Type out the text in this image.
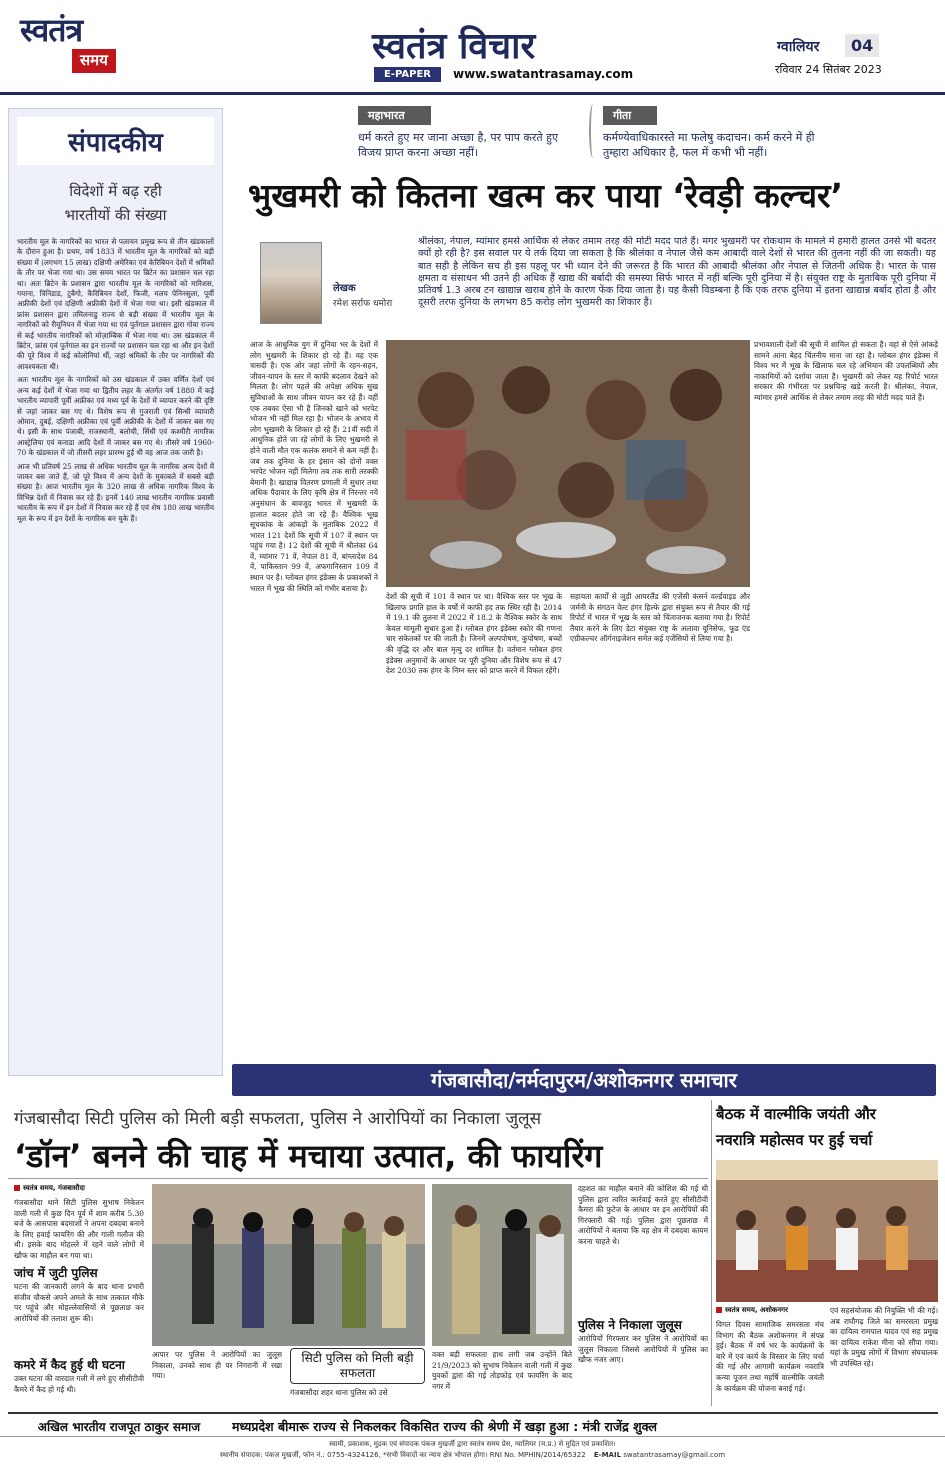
स्वतंत्र
समय	स्वतंत्र विचार
E-PAPER	www.swatantrasamay.com
ग्वालियर	04
रविवार 24 सितंबर 2023
संपादकीय
विदेशों में बढ़ रही
भारतीयों की संख्या

भारतीय मूल के नागरिकों का भारत से पलायन प्रमुख रूप से तीन खंडकालों के दौरान हुआ है। प्रथम, वर्ष 1833 में भारतीय मूल के नागरिकों को बड़ी संख्या में (लगभग 15 लाख) दक्षिणी अमेरिका एवं केरिबियन देशों में श्रमिकों के तौर पर भेजा गया था। उस समय भारत पर ब्रिटेन का प्रशासन चल रहा था। अतः ब्रिटेन के प्रशासन द्वारा भारतीय मूल के नागरिकों को मारिशस, गयाना, त्रिनिडाड, टुबैगो, कैरिबियन देशों, फिजी, मलय पेनिनसुला, पूर्वी अफ्रीकी देशों एवं दक्षिणी अफ्रीकी देशों में भेजा गया था। इसी खंडकाल में फ्रांस प्रशासन द्वारा तमिलनाडु राज्य से बड़ी संख्या में भारतीय मूल के नागरिकों को रीयूनियन में भेजा गया था एवं पुर्तगाल प्रशासन द्वारा गोवा राज्य से कई भारतीय नागरिकों को मोज़ाम्बिक में भेजा गया था। उस खंडकाल में ब्रिटेन, फ्रांस एवं पुर्तगाल का इन राज्यों पर प्रशासन चल रहा था और इन देशों की पूरे विश्व में कई कोलोनियां थीं, जहां श्रमिकों के तौर पर नागरिकों की आवश्यकता थी।

अतः भारतीय मूल के नागरिकों को उस खंडकाल में उक्त वर्णित देशों एवं अन्य कई देशों में भेजा गया था द्वितीय लहर के अंतर्गत वर्ष 1880 में कई भारतीय व्यापारी पूर्वी अफ्रीका एवं मध्य पूर्व के देशों में व्यापार करने की दृष्टि से जहां जाकर बस गए थे। विशेष रूप से गुजराती एवं सिन्धी व्यापारी ओमान, दुबई, दक्षिणी अफ्रीका एवं पूर्वी अफ्रीकी के देशों में जाकर बस गए थे। इसी के साथ पंजाबी, राजस्थानी, बलोची, सिंधी एवं कश्मीरी नागरिक आस्ट्रेलिया एवं कनाडा आदि देशों में जाकर बस गए थे। तीसरे वर्ष 1960-70 के खंडकाल में जो तीसरी लहर प्रारम्भ हुई थी वह आज तक जारी है।

आज भी प्रतिवर्ष 25 लाख से अधिक भारतीय मूल के नागरिक अन्य देशों में जाकर बस जाते हैं, जो पूरे विश्व में अन्य देशों के मुकाबले में सबसे बड़ी संख्या है। आज भारतीय मूल के 320 लाख से अधिक नागरिक विश्व के विभिन्न देशों में निवास कर रहे हैं। इनमें 140 लाख भारतीय नागरिक प्रवासी भारतीय के रूप में इन देशों में निवास कर रहे हैं एवं शेष 180 लाख भारतीय मूल के रूप में इन देशों के नागरिक बन चुके हैं।

महाभारत
धर्म करते हुए मर जाना अच्छा है, पर पाप करते हुए विजय प्राप्त करना अच्छा नहीं।
गीता
कर्मण्येवाधिकारस्ते मा फलेषु कदाचन। कर्म करने में ही तुम्हारा अधिकार है, फल में कभी भी नहीं।
भुखमरी को कितना खत्म कर पाया ‘रेवड़ी कल्चर’
लेखक
रमेश सर्राफ धमोरा
श्रीलंका, नेपाल, म्यांमार हमसे आर्थिक से लेकर तमाम तरह की मोटी मदद पाते हैं। मगर भुखमरी पर रोकथाम के मामले में हमारी हालत उनसे भी बदतर क्यों हो रही है? इस सवाल पर ये तर्क दिया जा सकता है कि श्रीलंका व नेपाल जैसे कम आबादी वाले देशों से भारत की तुलना नहीं की जा सकती। यह बात सही है लेकिन सच ही इस पहलू पर भी ध्यान देने की जरूरत है कि भारत की आबादी श्रीलंका और नेपाल से जितनी अधिक है। भारत के पास क्षमता व संसाधन भी उतने ही अधिक हैं खाद्य की बर्बादी की समस्या सिर्फ भारत में नहीं बल्कि पूरी दुनिया में है। संयुक्त राष्ट्र के मुताबिक पूरी दुनिया में प्रतिवर्ष 1.3 अरब टन खाद्यान्न खराब होने के कारण फेंक दिया जाता है। यह कैसी विडम्बना है कि एक तरफ दुनिया में इतना खाद्यान्न बर्बाद होता है और दूसरी तरफ दुनिया के लगभग 85 करोड़ लोग भुखमरी का शिकार हैं।
आज के आधुनिक युग में दुनिया भर के देशों में लोग भुखमरी के शिकार हो रहे हैं। यह एक त्रासदी है। एक ओर जहां लोगों के रहन-सहन, जीवन-यापन के स्तर में काफी बदलाव देखने को मिलता है। लोग पहले की अपेक्षा अधिक सुख सुविधाओं के साथ जीवन यापन कर रहे हैं। वहीं एक तबका ऐसा भी है जिनको खाने को भरपेट भोजन भी नहीं मिल रहा है। भोजन के अभाव में लोग भुखमरी के शिकार हो रहे हैं। 21वीं सदी में आधुनिक होते जा रहे लोगों के लिए भुखमरी से होने वाली मौत एक कलंक समाने से कम नहीं है। जब तक दुनिया के हर इंसान को दोनों वक्त भरपेट भोजन नहीं मिलेगा तब तक सारी तरक्की बेमानी है। खाद्यान्न वितरण प्रणाली में सुधार तथा अधिक पैदावार के लिए कृषि क्षेत्र में निरन्तर नये अनुसंधान के बावजूद भारत में भुखमरी के हालात बदतर होते जा रहे हैं। वैश्विक भूख सूचकांक के आंकड़ों के मुताबिक 2022 में भारत 121 देशों कि सूची में 107 वें स्थान पर पहुंच गया है। 12 देशों की सूची में श्रीलंका 64 वें, म्यांमार 71 वें, नेपाल 81 वें, बांग्लादेश 84 वें, पाकिस्तान 99 वें, अफगानिस्तान 109 वें स्थान पर है। ग्लोबल हंगर इंडेक्स के प्रकाशकों ने भारत में भूख की स्थिति को गंभीर बताया है।
देशों की सूची में 101 वें स्थान पर था। वैश्विक स्तर पर भूख के खिलाफ प्रगति हाल के वर्षों में काफी हद तक स्थिर रही है। 2014 में 19.1 की तुलना में 2022 में 18.2 के वैश्विक स्कोर के साथ केवल मामूली सुधार हुआ है। ग्लोबल हंगर इंडेक्स स्कोर की गणना चार संकेतकों पर की जाती है। जिनमें अल्पपोषण, कुपोषण, बच्चों की वृद्धि दर और बाल मृत्यु दर शामिल है। वर्तमान ग्लोबल हंगर इंडेक्स अनुमानों के आधार पर पूरी दुनिया और विशेष रूप से 47 देश 2030 तक हंगर के निम्न स्तर को प्राप्त करने में विफल रहेंगे।
सहायता कार्यों से जुड़ी आयरलैंड की एजेंसी कंसर्न वर्ल्डवाइड और जर्मनी के संगठन वेल्ट हंगर हिल्फे द्वारा संयुक्त रूप से तैयार की गई रिपोर्ट में भारत में भूख के स्तर को चिंताजनक बताया गया है। रिपोर्ट तैयार करने के लिए डेटा संयुक्त राष्ट्र के अलावा यूनिसेफ, फूड एंड एग्रीकल्चर ऑर्गनाइजेशन समेत कई एजेंसियों से लिया गया है।
प्रभावशाली देशों की सूची में शामिल हो सकता है। वहां से ऐसे आंकड़े सामने आना बेहद चिंतनीय माना जा रहा है। ग्लोबल हंगर इंडेक्स में विश्व भर में भूख के खिलाफ चल रहे अभियान की उपलब्धियों और नाकामियों को दर्शाया जाता है। भुखमरी को लेकर यह रिपोर्ट भारत सरकार की गंभीरता पर प्रश्नचिन्ह खड़े करती है। श्रीलंका, नेपाल, म्यांमार हमसे आर्थिक से लेकर तमाम तरह की मोटी मदद पाते हैं।
गंजबासौदा/नर्मदापुरम/अशोकनगर समाचार
गंजबासौदा सिटी पुलिस को मिली बड़ी सफलता, पुलिस ने आरोपियों का निकाला जुलूस
‘डॉन’ बनने की चाह में मचाया उत्पात, की फायरिंग
स्वतंत्र समय, गंजबासौदा
गंजबासौदा थाने सिटी पुलिस सुभाष निकेतन वाली गली में कुछ दिन पूर्व में शाम करीब 5.30 बजे के आसपास बदमाशों ने अपना दबदबा बनाने के लिए हवाई फायरिंग की और गाली गलौज की थी। इसके बाद मोहल्ले में रहने वाले लोगों में खौफ का माहौल बन गया था।
जांच में जुटी पुलिस
घटना की जानकारी लगने के बाद थाना प्रभारी संजीव चौकसे अपने अमले के साथ तत्काल मौके पर पहुंचे और मोहल्लेवासियों से पूछताछ कर आरोपियों की तलाश शुरू की।
कमरे में कैद हुई थी घटना
उक्त घटना की वारदात गली में लगे हुए सीसीटीवी कैमरे में कैद हो गई थी।
आपार पर पुलिस ने आरोपियों का जुलूस निकाला, उनको साथ ही पर निगरानी में रखा गया।
सिटी पुलिस को मिली बड़ी सफलता
गंजबासौदा शहर थाना पुलिस को उसे
वक्त बड़ी सफलता हाथ लगी जब उन्होंने बिते 21/9/2023 को सुभाष निकेतन वाली गली में कुछ युवकों द्वारा की गई तोड़फोड़ एवं फायरिंग के बाद नगर में
दहशत का माहौल बनाने की कोशिश की गई थी पुलिस द्वारा त्वरित कार्रवाई करते हुए सीसीटीवी कैमरा की फुटेज के आधार पर इन आरोपियों की गिरफ्तारी की गई। पुलिस द्वारा पूछताछ में आरोपियों ने बताया कि वह क्षेत्र में दबदबा कायम करना चाहते थे।
पुलिस ने निकाला जुलूस
आरोपियों गिरफ्तार कर पुलिस ने आरोपियों का जुलूस निकाला जिससे आरोपियों में पुलिस का खौफ नजर आए।
बैठक में वाल्मीकि जयंती और
नवरात्रि महोत्सव पर हुई चर्चा
स्वतंत्र समय, अशोकनगर
विगत दिवस सामाजिक समरसता मंच विभाग की बैठक अशोकनगर में संपन्न हुई। बैठक में वर्ष भर के कार्यक्रमों के बारे में एवं कार्य के विस्तार के लिए चर्चा की गई और आगामी कार्यक्रम नवरात्रि कन्या पूजन तथा महर्षि वाल्मीकि जयंती के कार्यक्रम की योजना बनाई गई।
एवं सहसंयोजक की नियुक्ति भी की गई। अब राघौगढ़ जिले का समरसता प्रमुख का दायित्व रामपाल यादव एवं सह प्रमुख का दायित्व राकेश मीना को सौंपा गया। यहां के प्रमुख लोगों में विभाग संघचालक भी उपस्थित रहे।
अखिल भारतीय राजपूत ठाकुर समाज	मध्यप्रदेश बीमारू राज्य से निकलकर विकसित राज्य की श्रेणी में खड़ा हुआ : मंत्री राजेंद्र शुक्ल
स्वामी, प्रकाशक, मुद्रक एवं संपादक पंकज मुखर्जी द्वारा स्वतंत्र समय प्रेस, ग्वालियर (म.प्र.) से मुद्रित एवं प्रकाशित।
स्थानीय संपादक: पंकज मुखर्जी, फोन नं.: 0755-4324126, *सभी विवादों का न्याय क्षेत्र भोपाल होगा। RNI No. MPHIN/2014/65322 E-MAIL swatantrasamay@gmail.com
